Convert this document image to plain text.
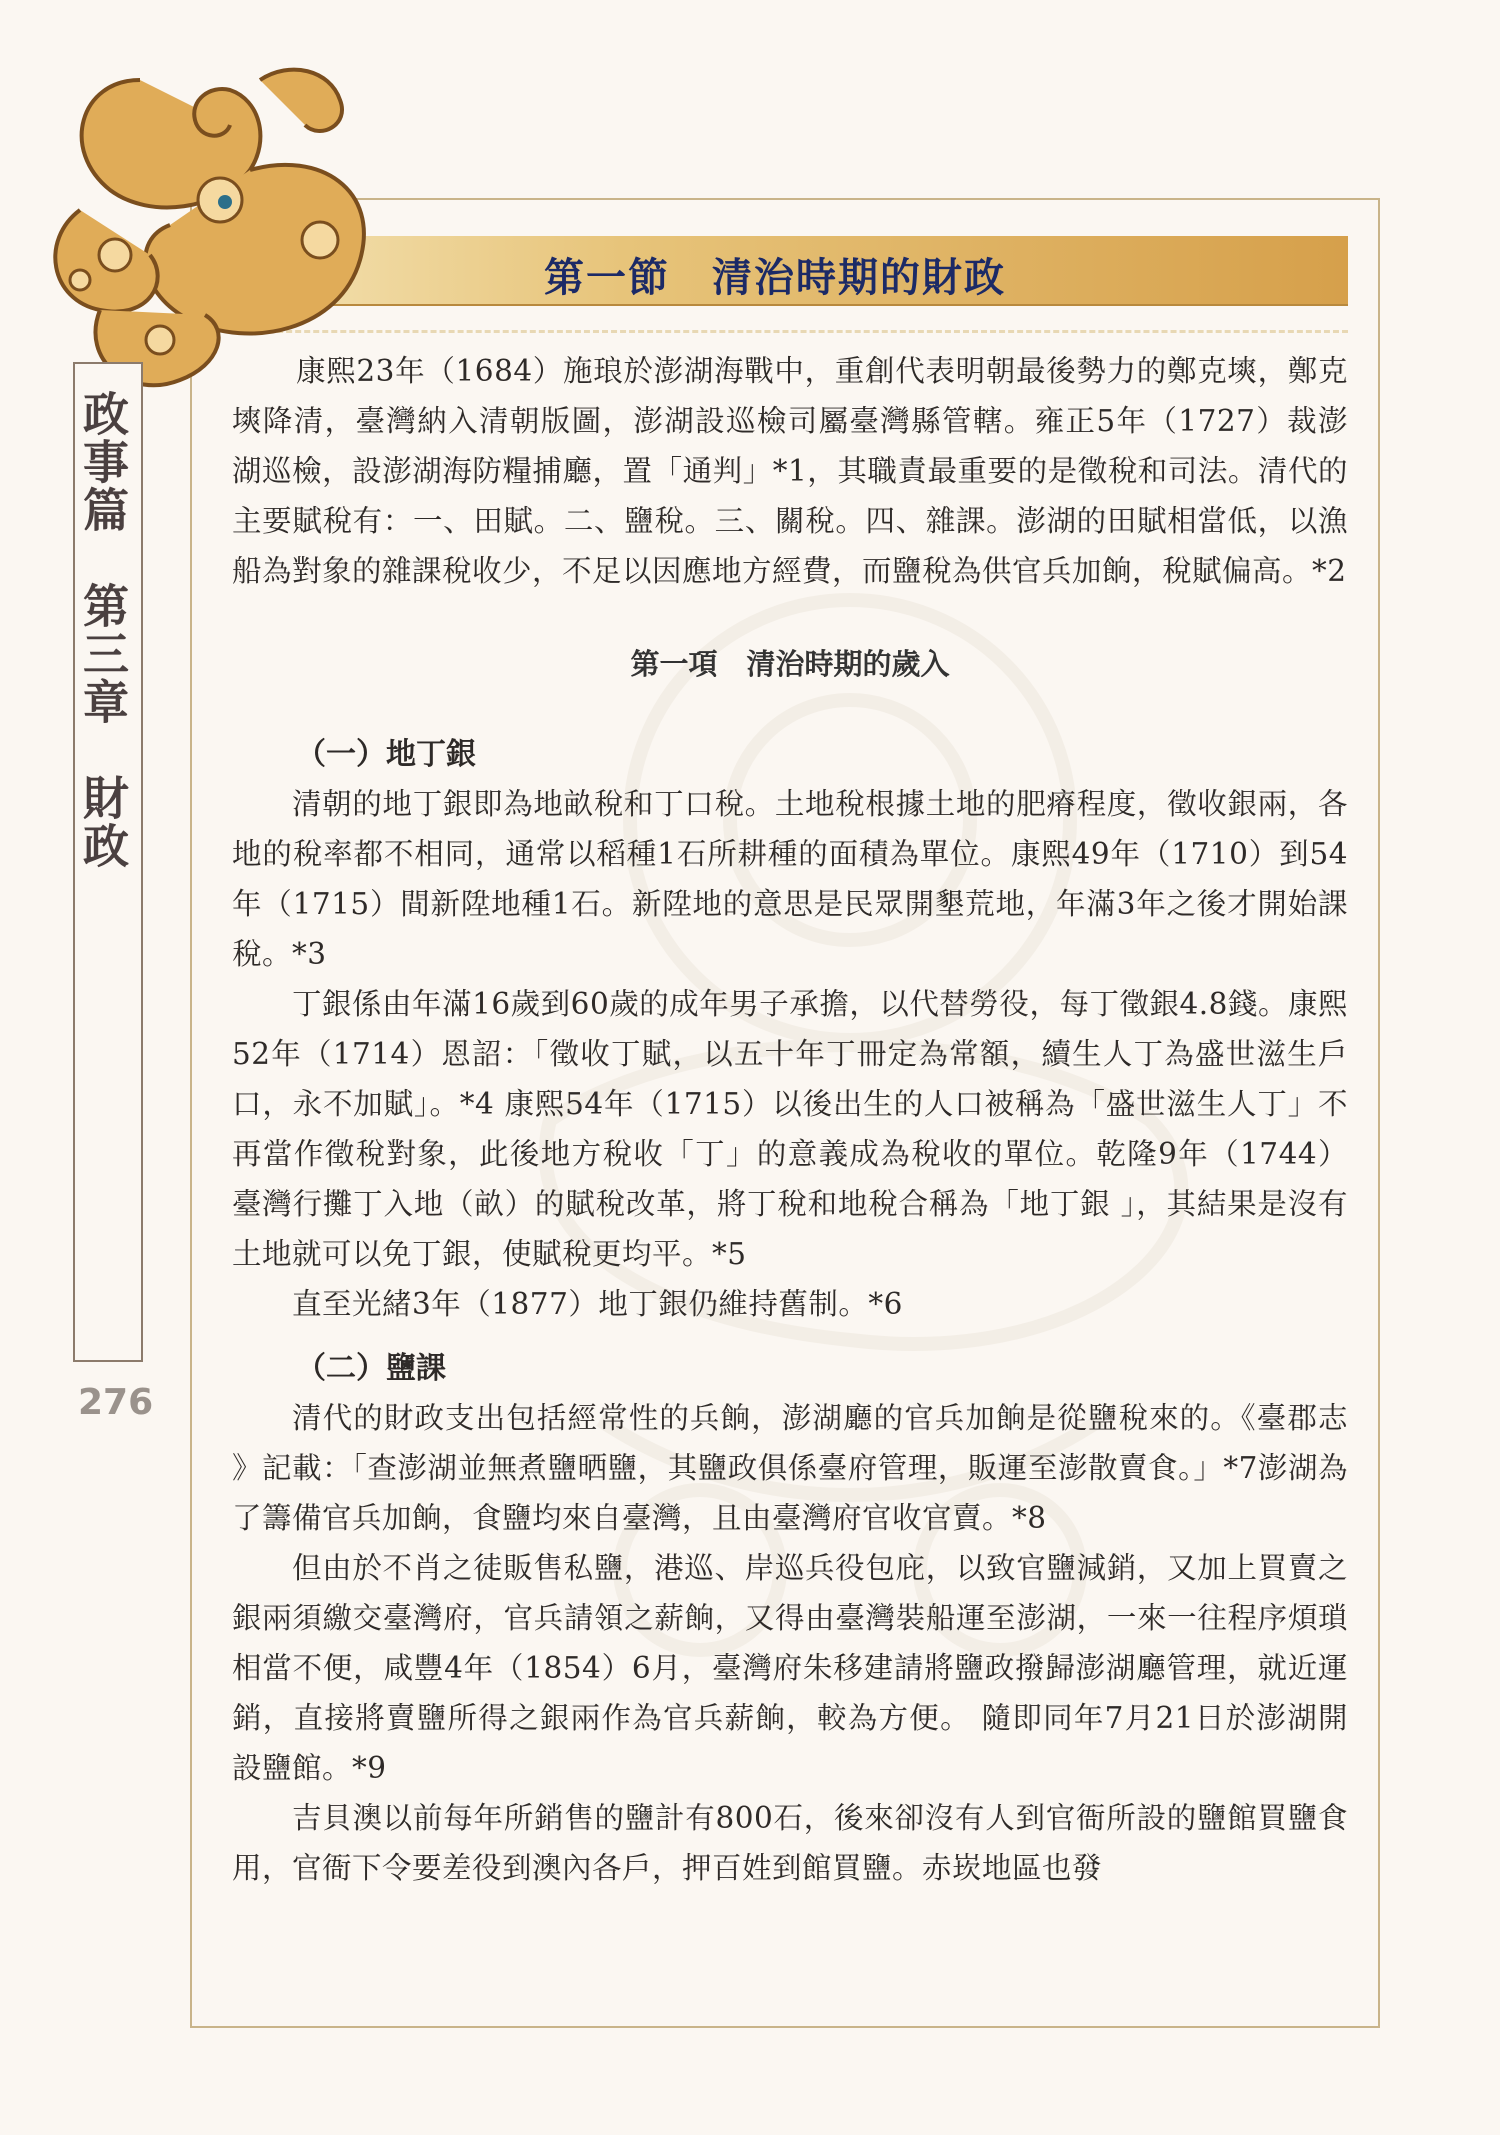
第一節　清治時期的財政
政事篇　第三章　財政
276

康熙23年（1684）施琅於澎湖海戰中，重創代表明朝最後勢力的鄭克塽，鄭克塽降清，臺灣納入清朝版圖，澎湖設巡檢司屬臺灣縣管轄。雍正5年（1727）裁澎湖巡檢，設澎湖海防糧捕廳，置「通判」*1，其職責最重要的是徵稅和司法。清代的主要賦稅有：一、田賦。二、鹽稅。三、關稅。四、雜課。澎湖的田賦相當低，以漁船為對象的雜課稅收少，不足以因應地方經費，而鹽稅為供官兵加餉，稅賦偏高。*2

第一項　清治時期的歲入
（一）地丁銀

清朝的地丁銀即為地畝稅和丁口稅。土地稅根據土地的肥瘠程度，徵收銀兩，各地的稅率都不相同，通常以稻種1石所耕種的面積為單位。康熙49年（1710）到54年（1715）間新陞地種1石。新陞地的意思是民眾開墾荒地，年滿3年之後才開始課稅。*3

丁銀係由年滿16歲到60歲的成年男子承擔，以代替勞役，每丁徵銀4.8錢。康熙52年（1714）恩詔：「徵收丁賦，以五十年丁冊定為常額，續生人丁為盛世滋生戶口，永不加賦」。*4 康熙54年（1715）以後出生的人口被稱為「盛世滋生人丁」不再當作徵稅對象，此後地方稅收「丁」的意義成為稅收的單位。乾隆9年（1744）臺灣行攤丁入地（畝）的賦稅改革，將丁稅和地稅合稱為「地丁銀 」，其結果是沒有土地就可以免丁銀，使賦稅更均平。*5

直至光緒3年（1877）地丁銀仍維持舊制。*6

（二）鹽課

清代的財政支出包括經常性的兵餉，澎湖廳的官兵加餉是從鹽稅來的。《臺郡志 》記載：「查澎湖並無煮鹽晒鹽，其鹽政俱係臺府管理，販運至澎散賣食。」*7澎湖為了籌備官兵加餉，食鹽均來自臺灣，且由臺灣府官收官賣。*8

但由於不肖之徒販售私鹽，港巡、岸巡兵役包庇，以致官鹽減銷，又加上買賣之銀兩須繳交臺灣府，官兵請領之薪餉，又得由臺灣裝船運至澎湖，一來一往程序煩瑣相當不便，咸豐4年（1854）6月，臺灣府朱移建請將鹽政撥歸澎湖廳管理，就近運銷，直接將賣鹽所得之銀兩作為官兵薪餉，較為方便。 隨即同年7月21日於澎湖開設鹽館。*9

吉貝澳以前每年所銷售的鹽計有800石，後來卻沒有人到官衙所設的鹽館買鹽食用，官衙下令要差役到澳內各戶，押百姓到館買鹽。赤崁地區也發
